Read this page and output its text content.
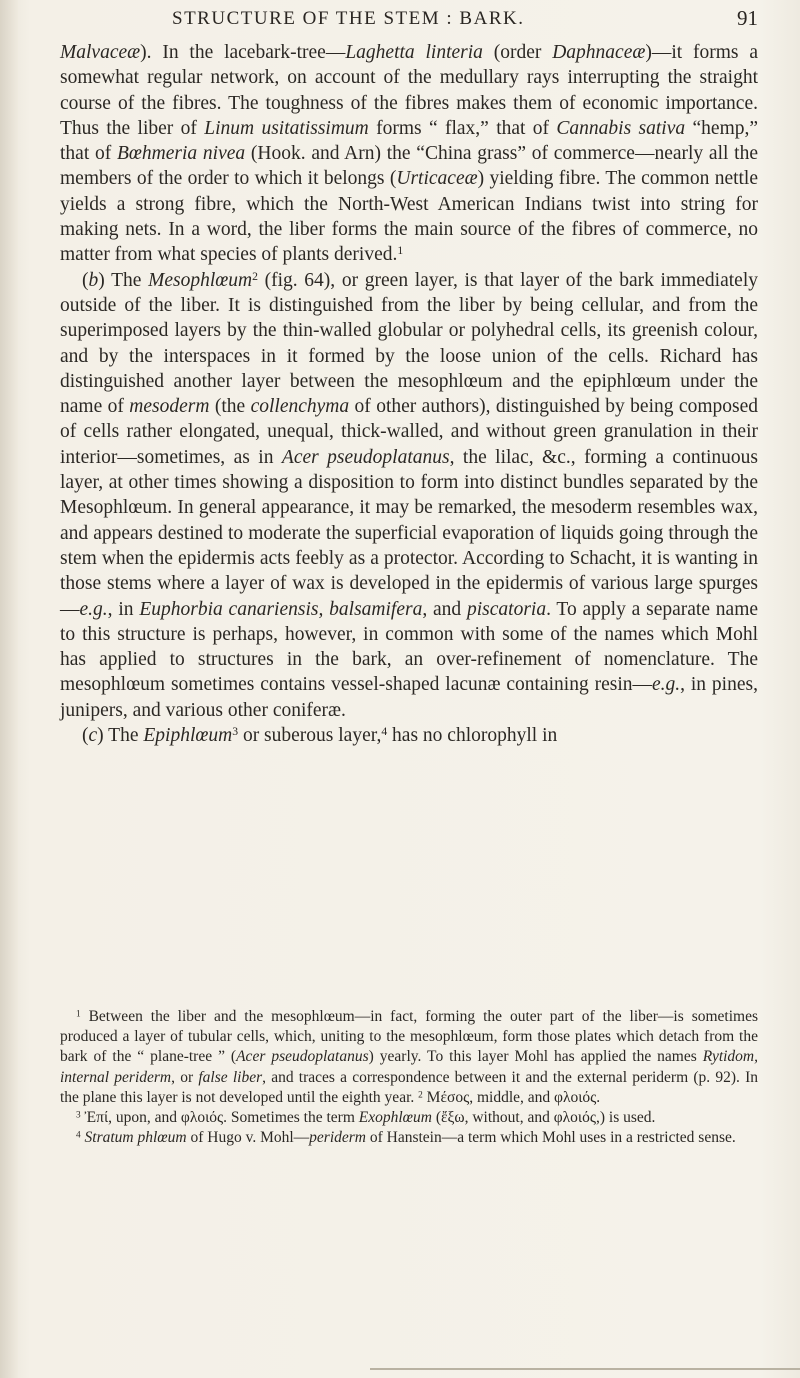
STRUCTURE OF THE STEM : BARK.	91

Malvaceæ). In the lacebark-tree—Laghetta linteria (order Daphnaceæ)—it forms a somewhat regular network, on account of the medullary rays interrupting the straight course of the fibres. The toughness of the fibres makes them of economic importance. Thus the liber of Linum usitatissimum forms “ flax,” that of Cannabis sativa “hemp,” that of Bœhmeria nivea (Hook. and Arn) the “China grass” of commerce—nearly all the members of the order to which it belongs (Urticaceæ) yielding fibre. The common nettle yields a strong fibre, which the North-West American Indians twist into string for making nets. In a word, the liber forms the main source of the fibres of commerce, no matter from what species of plants derived.$^1$

(b) The Mesophlœum$^2$ (fig. 64), or green layer, is that layer of the bark immediately outside of the liber. It is distinguished from the liber by being cellular, and from the superimposed layers by the thin-walled globular or polyhedral cells, its greenish colour, and by the interspaces in it formed by the loose union of the cells. Richard has distinguished another layer between the mesophlœum and the epiphlœum under the name of mesoderm (the collenchyma of other authors), distinguished by being composed of cells rather elongated, unequal, thick-walled, and without green granulation in their interior—sometimes, as in Acer pseudoplatanus, the lilac, &c., forming a continuous layer, at other times showing a disposition to form into distinct bundles separated by the Mesophlœum. In general appearance, it may be remarked, the mesoderm resembles wax, and appears destined to moderate the superficial evaporation of liquids going through the stem when the epidermis acts feebly as a protector. According to Schacht, it is wanting in those stems where a layer of wax is developed in the epidermis of various large spurges—e.g., in Euphorbia canariensis, balsamifera, and piscatoria. To apply a separate name to this structure is perhaps, however, in common with some of the names which Mohl has applied to structures in the bark, an over-refinement of nomenclature. The mesophlœum sometimes contains vessel-shaped lacunæ containing resin—e.g., in pines, junipers, and various other coniferæ.

(c) The Epiphlœum$^3$ or suberous layer,$^4$ has no chlorophyll in

$^1$ Between the liber and the mesophlœum—in fact, forming the outer part of the liber—is sometimes produced a layer of tubular cells, which, uniting to the mesophlœum, form those plates which detach from the bark of the “ plane-tree ” (Acer pseudoplatanus) yearly. To this layer Mohl has applied the names Rytidom, internal periderm, or false liber, and traces a correspondence between it and the external periderm (p. 92). In the plane this layer is not developed until the eighth year. $^2$ Μέσος, middle, and φλοιός.

$^3$ Ἐπί, upon, and φλοιός. Sometimes the term Exophlœum (ἔξω, without, and φλοιός,) is used.

$^4$ Stratum phlœum of Hugo v. Mohl—periderm of Hanstein—a term which Mohl uses in a restricted sense.
